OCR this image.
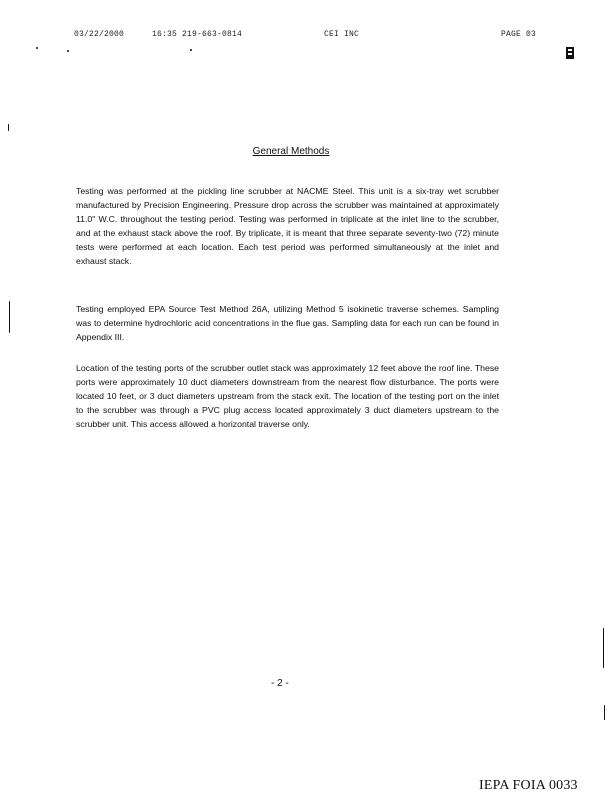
03/22/2000	16:35 219-663-0814	CEI INC	PAGE 03
General Methods
Testing was performed at the pickling line scrubber at NACME Steel. This unit is a six-tray wet scrubber manufactured by Precision Engineering. Pressure drop across the scrubber was maintained at approximately 11.0" W.C. throughout the testing period. Testing was performed in triplicate at the inlet line to the scrubber, and at the exhaust stack above the roof. By triplicate, it is meant that three separate seventy-two (72) minute tests were performed at each location. Each test period was performed simultaneously at the inlet and exhaust stack.
Testing employed EPA Source Test Method 26A, utilizing Method 5 isokinetic traverse schemes. Sampling was to determine hydrochloric acid concentrations in the flue gas. Sampling data for each run can be found in Appendix III.
Location of the testing ports of the scrubber outlet stack was approximately 12 feet above the roof line. These ports were approximately 10 duct diameters downstream from the nearest flow disturbance. The ports were located 10 feet, or 3 duct diameters upstream from the stack exit. The location of the testing port on the inlet to the scrubber was through a PVC plug access located approximately 3 duct diameters upstream to the scrubber unit. This access allowed a horizontal traverse only.
- 2 -
IEPA FOIA 0033
